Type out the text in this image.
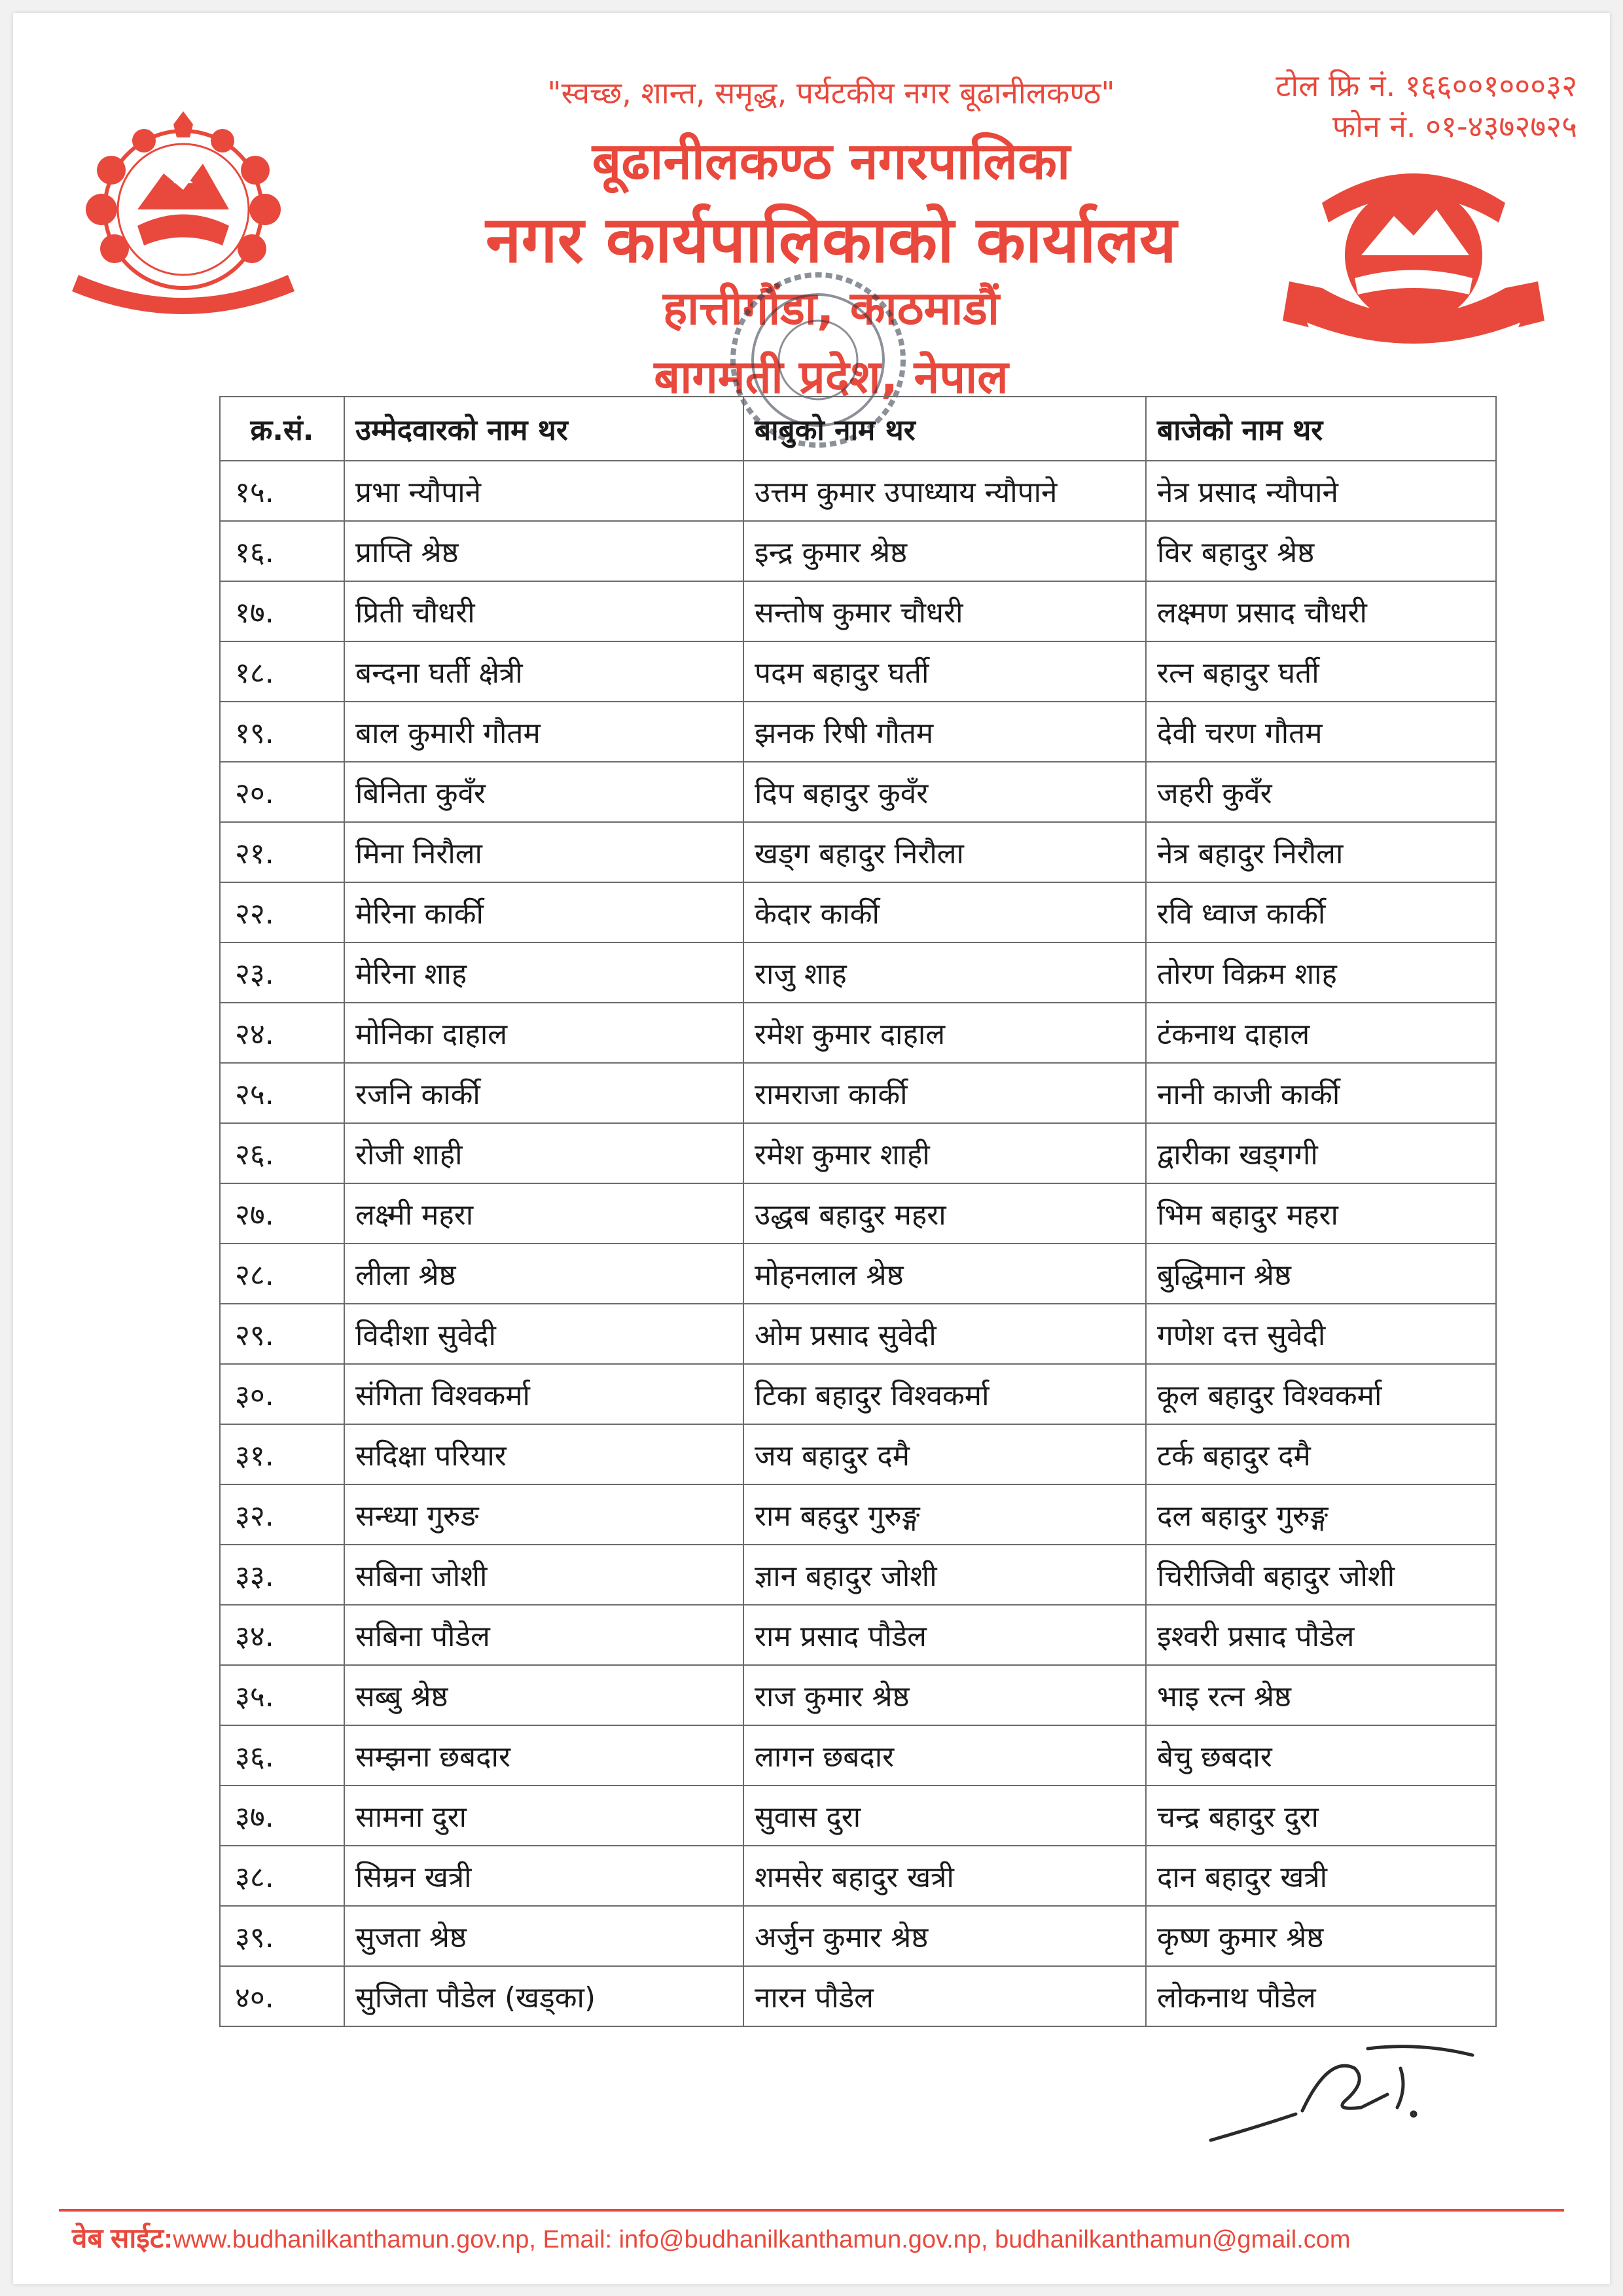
"स्वच्छ, शान्त, समृद्ध, पर्यटकीय नगर बूढानीलकण्ठ"	टोल फ्रि नं. १६६००१०००३२
फोन नं. ०१-४३७२७२५
बूढानीलकण्ठ नगरपालिका
नगर कार्यपालिकाको कार्यालय
हात्तीगौंडा, काठमाडौं
बागमती प्रदेश, नेपाल
क्र.सं.	उम्मेदवारको नाम थर	बाबुको नाम थर	बाजेको नाम थर
१५.	प्रभा न्यौपाने	उत्तम कुमार उपाध्याय न्यौपाने	नेत्र प्रसाद न्यौपाने
१६.	प्राप्ति श्रेष्ठ	इन्द्र कुमार श्रेष्ठ	विर बहादुर श्रेष्ठ
१७.	प्रिती चौधरी	सन्तोष कुमार चौधरी	लक्ष्मण प्रसाद चौधरी
१८.	बन्दना घर्ती क्षेत्री	पदम बहादुर घर्ती	रत्न बहादुर घर्ती
१९.	बाल कुमारी गौतम	झनक रिषी गौतम	देवी चरण गौतम
२०.	बिनिता कुवँर	दिप बहादुर कुवँर	जहरी कुवँर
२१.	मिना निरौला	खड्ग बहादुर निरौला	नेत्र बहादुर निरौला
२२.	मेरिना कार्की	केदार कार्की	रवि ध्वाज कार्की
२३.	मेरिना शाह	राजु शाह	तोरण विक्रम शाह
२४.	मोनिका दाहाल	रमेश कुमार दाहाल	टंकनाथ दाहाल
२५.	रजनि कार्की	रामराजा कार्की	नानी काजी कार्की
२६.	रोजी शाही	रमेश कुमार शाही	द्वारीका खड्गगी
२७.	लक्ष्मी महरा	उद्धब बहादुर महरा	भिम बहादुर महरा
२८.	लीला श्रेष्ठ	मोहनलाल श्रेष्ठ	बुद्धिमान श्रेष्ठ
२९.	विदीशा सुवेदी	ओम प्रसाद सुवेदी	गणेश दत्त सुवेदी
३०.	संगिता विश्वकर्मा	टिका बहादुर विश्वकर्मा	कूल बहादुर विश्वकर्मा
३१.	सदिक्षा परियार	जय बहादुर दमै	टर्क बहादुर दमै
३२.	सन्ध्या गुरुङ	राम बहदुर गुरुङ्ग	दल बहादुर गुरुङ्ग
३३.	सबिना जोशी	ज्ञान बहादुर जोशी	चिरीजिवी बहादुर जोशी
३४.	सबिना पौडेल	राम प्रसाद पौडेल	इश्वरी प्रसाद पौडेल
३५.	सब्बु श्रेष्ठ	राज कुमार श्रेष्ठ	भाइ रत्न श्रेष्ठ
३६.	सम्झना छबदार	लागन छबदार	बेचु छबदार
३७.	सामना दुरा	सुवास दुरा	चन्द्र बहादुर दुरा
३८.	सिम्रन खत्री	शमसेर बहादुर खत्री	दान बहादुर खत्री
३९.	सुजता श्रेष्ठ	अर्जुन कुमार श्रेष्ठ	कृष्ण कुमार श्रेष्ठ
४०.	सुजिता पौडेल (खड्का)	नारन पौडेल	लोकनाथ पौडेल
वेब साईट:www.budhanilkanthamun.gov.np, Email: info@budhanilkanthamun.gov.np, budhanilkanthamun@gmail.com
